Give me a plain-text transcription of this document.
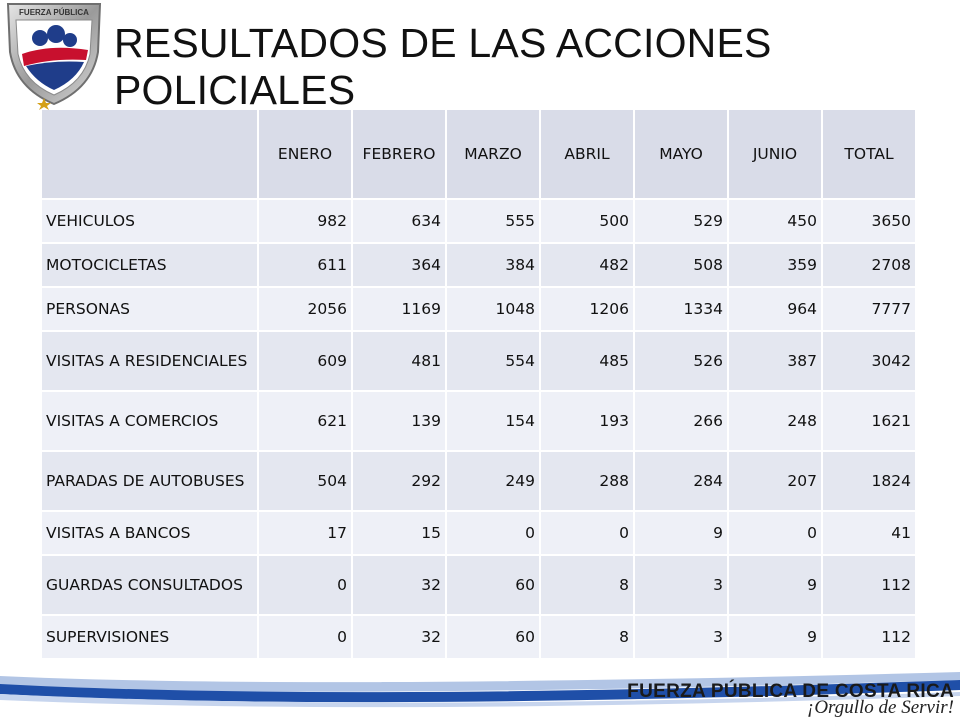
FUERZA PÚBLICA
RESULTADOS DE LAS ACCIONES POLICIALES
	ENERO	FEBRERO	MARZO	ABRIL	MAYO	JUNIO	TOTAL
VEHICULOS	982	634	555	500	529	450	3650
MOTOCICLETAS	611	364	384	482	508	359	2708
PERSONAS	2056	1169	1048	1206	1334	964	7777
VISITAS A RESIDENCIALES	609	481	554	485	526	387	3042
VISITAS A COMERCIOS	621	139	154	193	266	248	1621
PARADAS DE AUTOBUSES	504	292	249	288	284	207	1824
VISITAS A BANCOS	17	15	0	0	9	0	41
GUARDAS CONSULTADOS	0	32	60	8	3	9	112
SUPERVISIONES	0	32	60	8	3	9	112
FUERZA PÚBLICA DE COSTA RICA
¡Orgullo de Servir!
